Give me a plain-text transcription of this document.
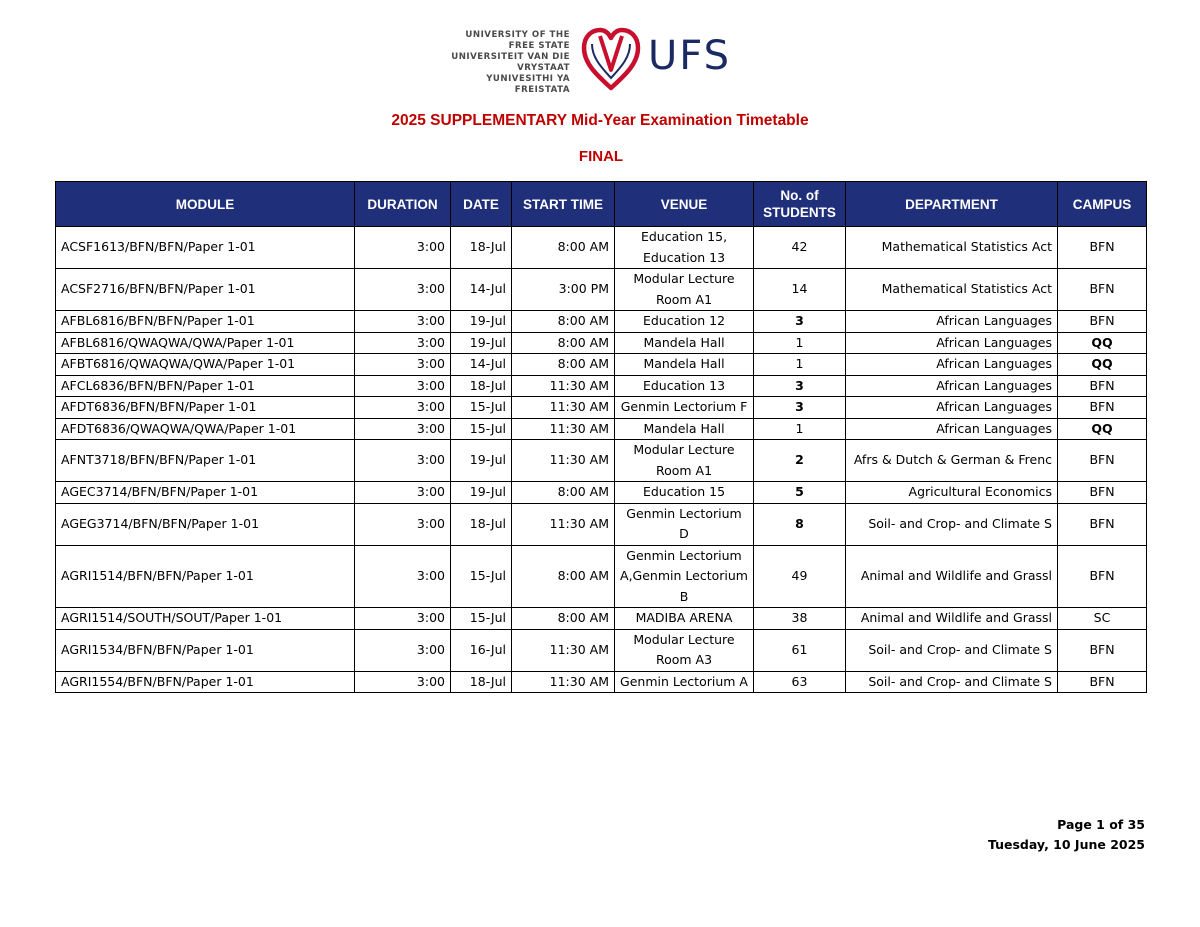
UNIVERSITY OF THE
FREE STATE
UNIVERSITEIT VAN DIE
VRYSTAAT
YUNIVESITHI YA
FREISTATA
UFS
2025 SUPPLEMENTARY Mid-Year Examination Timetable
FINAL
MODULE	DURATION	DATE	START TIME	VENUE	No. of STUDENTS	DEPARTMENT	CAMPUS
ACSF1613/BFN/BFN/Paper 1-01	3:00	18-Jul	8:00 AM	Education 15, Education 13	42	Mathematical Statistics Act	BFN
ACSF2716/BFN/BFN/Paper 1-01	3:00	14-Jul	3:00 PM	Modular Lecture Room A1	14	Mathematical Statistics Act	BFN
AFBL6816/BFN/BFN/Paper 1-01	3:00	19-Jul	8:00 AM	Education 12	3	African Languages	BFN
AFBL6816/QWAQWA/QWA/Paper 1-01	3:00	19-Jul	8:00 AM	Mandela Hall	1	African Languages	QQ
AFBT6816/QWAQWA/QWA/Paper 1-01	3:00	14-Jul	8:00 AM	Mandela Hall	1	African Languages	QQ
AFCL6836/BFN/BFN/Paper 1-01	3:00	18-Jul	11:30 AM	Education 13	3	African Languages	BFN
AFDT6836/BFN/BFN/Paper 1-01	3:00	15-Jul	11:30 AM	Genmin Lectorium F	3	African Languages	BFN
AFDT6836/QWAQWA/QWA/Paper 1-01	3:00	15-Jul	11:30 AM	Mandela Hall	1	African Languages	QQ
AFNT3718/BFN/BFN/Paper 1-01	3:00	19-Jul	11:30 AM	Modular Lecture Room A1	2	Afrs & Dutch & German & Frenc	BFN
AGEC3714/BFN/BFN/Paper 1-01	3:00	19-Jul	8:00 AM	Education 15	5	Agricultural Economics	BFN
AGEG3714/BFN/BFN/Paper 1-01	3:00	18-Jul	11:30 AM	Genmin Lectorium D	8	Soil- and Crop- and Climate S	BFN
AGRI1514/BFN/BFN/Paper 1-01	3:00	15-Jul	8:00 AM	Genmin Lectorium A,Genmin Lectorium B	49	Animal and Wildlife and Grassl	BFN
AGRI1514/SOUTH/SOUT/Paper 1-01	3:00	15-Jul	8:00 AM	MADIBA ARENA	38	Animal and Wildlife and Grassl	SC
AGRI1534/BFN/BFN/Paper 1-01	3:00	16-Jul	11:30 AM	Modular Lecture Room A3	61	Soil- and Crop- and Climate S	BFN
AGRI1554/BFN/BFN/Paper 1-01	3:00	18-Jul	11:30 AM	Genmin Lectorium A	63	Soil- and Crop- and Climate S	BFN
Page 1 of 35
Tuesday, 10 June 2025
